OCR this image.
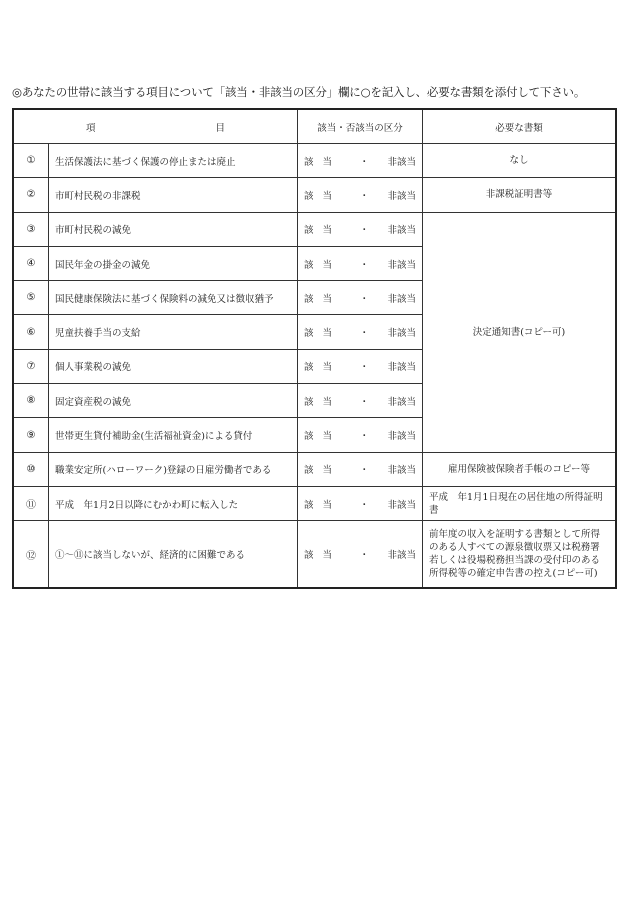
◎あなたの世帯に該当する項目について「該当・非該当の区分」欄に○を記入し、必要な書類を添付して下さい。
項 目		該当・否該当の区分	必要な書類
①	生活保護法に基づく保護の停止または廃止	該当 ・ 非該当	なし
②	市町村民税の非課税	該当 ・ 非該当	非課税証明書等
③	市町村民税の減免	該当 ・ 非該当	決定通知書(コピー可)
④	国民年金の掛金の減免	該当 ・ 非該当	

⑤	国民健康保険法に基づく保険料の減免又は徴収猶予	該当 ・ 非該当	

⑥	児童扶養手当の支給	該当 ・ 非該当	

⑦	個人事業税の減免	該当 ・ 非該当	

⑧	固定資産税の減免	該当 ・ 非該当	

⑨	世帯更生貸付補助金(生活福祉資金)による貸付	該当 ・ 非該当	

⑩	職業安定所(ハローワーク)登録の日雇労働者である	該当 ・ 非該当	雇用保険被保険者手帳のコピー等
⑪	平成　年1月2日以降にむかわ町に転入した	該当 ・ 非該当	平成　年1月1日現在の居住地の所得証明書
⑫	①～⑪に該当しないが、経済的に困難である	該当 ・ 非該当	前年度の収入を証明する書類として所得のある人すべての源泉徴収票又は税務署若しくは役場税務担当課の受付印のある所得税等の確定申告書の控え(コピー可)
